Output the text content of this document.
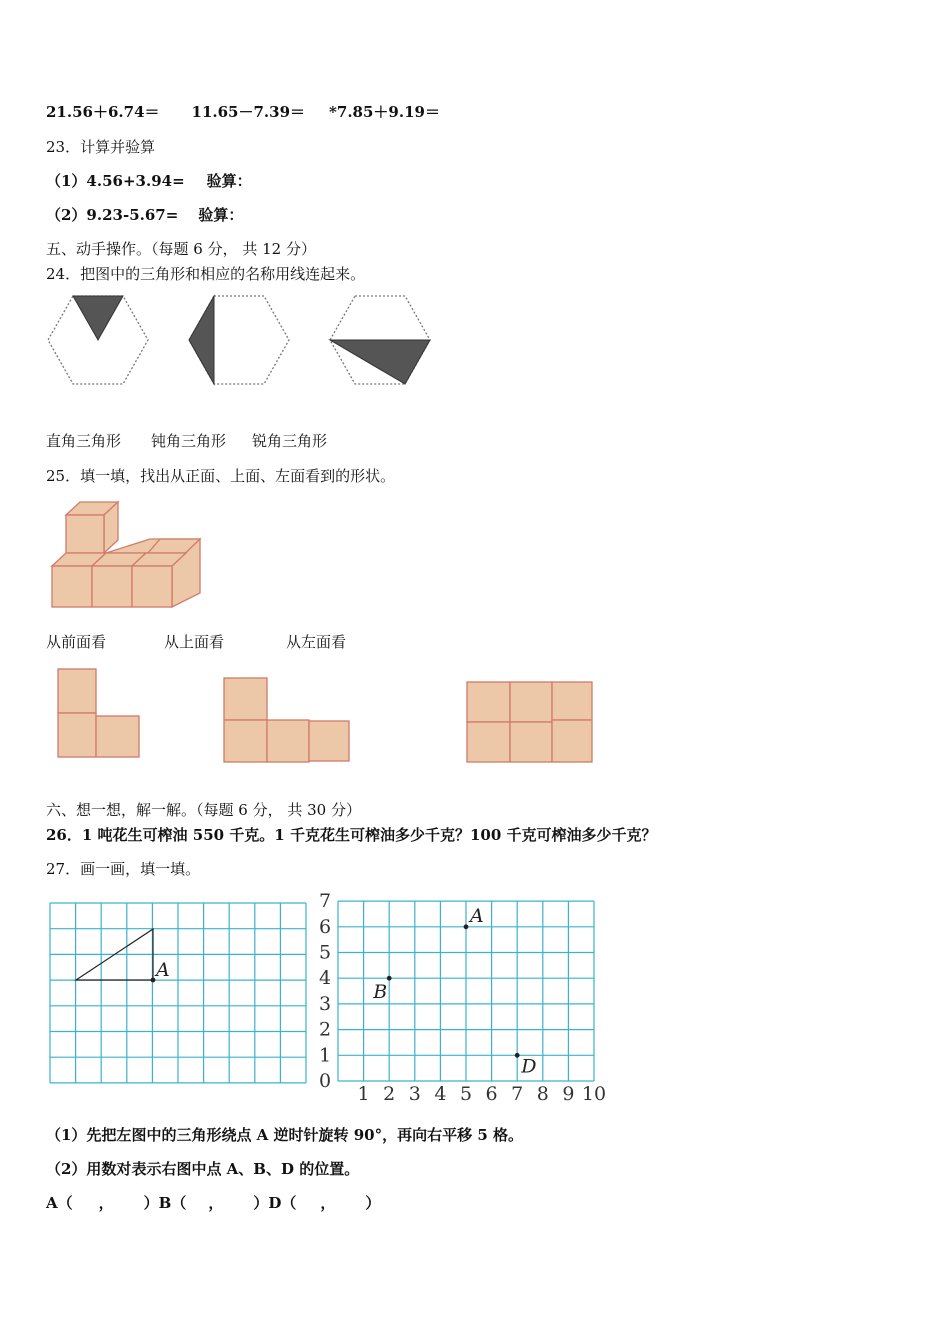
21.56＋6.74＝ 11.65－7.39＝ *7.85＋9.19＝
23．计算并验算
（1）4.56+3.94= 验算：
（2）9.23-5.67= 验算：
五、动手操作。（每题 6 分， 共 12 分）
24．把图中的三角形和相应的名称用线连起来。
直角三角形 钝角三角形 锐角三角形
25．填一填，找出从正面、上面、左面看到的形状。
从前面看	从上面看	从左面看
六、想一想，解一解。（每题 6 分， 共 30 分）
26．1 吨花生可榨油 550 千克。1 千克花生可榨油多少千克？100 千克可榨油多少千克？
27．画一画，填一填。
A
0
1
2
3
4
5
6
7
1 2 3 4 5 6 7 8 9 10
A
B
D
（1）先把左图中的三角形绕点 A 逆时针旋转 90°，再向右平移 5 格。
（2）用数对表示右图中点 A、B、D 的位置。
A（ ， ）B（ ， ）D（ ， ）
